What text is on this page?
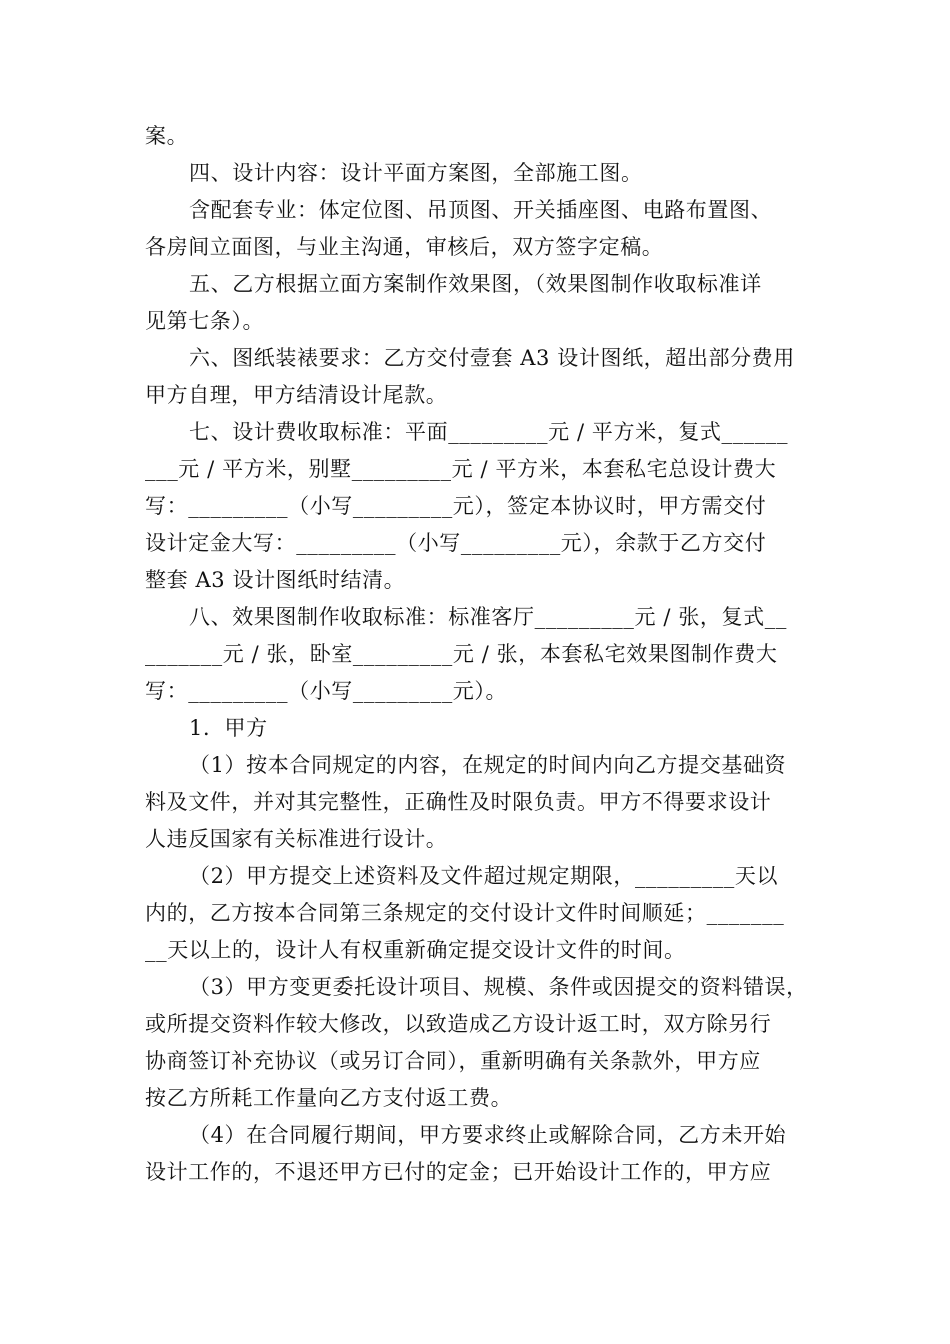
案。
四、设计内容：设计平面方案图，全部施工图。
含配套专业：体定位图、吊顶图、开关插座图、电路布置图、
各房间立面图，与业主沟通，审核后，双方签字定稿。
五、乙方根据立面方案制作效果图，（效果图制作收取标准详
见第七条）。
六、图纸装裱要求：乙方交付壹套 A3 设计图纸，超出部分费用
甲方自理，甲方结清设计尾款。
七、设计费收取标准：平面_________元 / 平方米，复式______
___元 / 平方米，别墅_________元 / 平方米，本套私宅总设计费大
写：_________（小写_________元），签定本协议时，甲方需交付
设计定金大写：_________（小写_________元），余款于乙方交付
整套 A3 设计图纸时结清。
八、效果图制作收取标准：标准客厅_________元 / 张，复式__
_______元 / 张，卧室_________元 / 张，本套私宅效果图制作费大
写：_________（小写_________元）。
1．甲方
（1）按本合同规定的内容，在规定的时间内向乙方提交基础资
料及文件，并对其完整性，正确性及时限负责。甲方不得要求设计
人违反国家有关标准进行设计。
（2）甲方提交上述资料及文件超过规定期限，_________天以
内的，乙方按本合同第三条规定的交付设计文件时间顺延；_______
__天以上的，设计人有权重新确定提交设计文件的时间。
（3）甲方变更委托设计项目、规模、条件或因提交的资料错误，
或所提交资料作较大修改，以致造成乙方设计返工时，双方除另行
协商签订补充协议（或另订合同），重新明确有关条款外，甲方应
按乙方所耗工作量向乙方支付返工费。
（4）在合同履行期间，甲方要求终止或解除合同，乙方未开始
设计工作的，不退还甲方已付的定金；已开始设计工作的，甲方应
